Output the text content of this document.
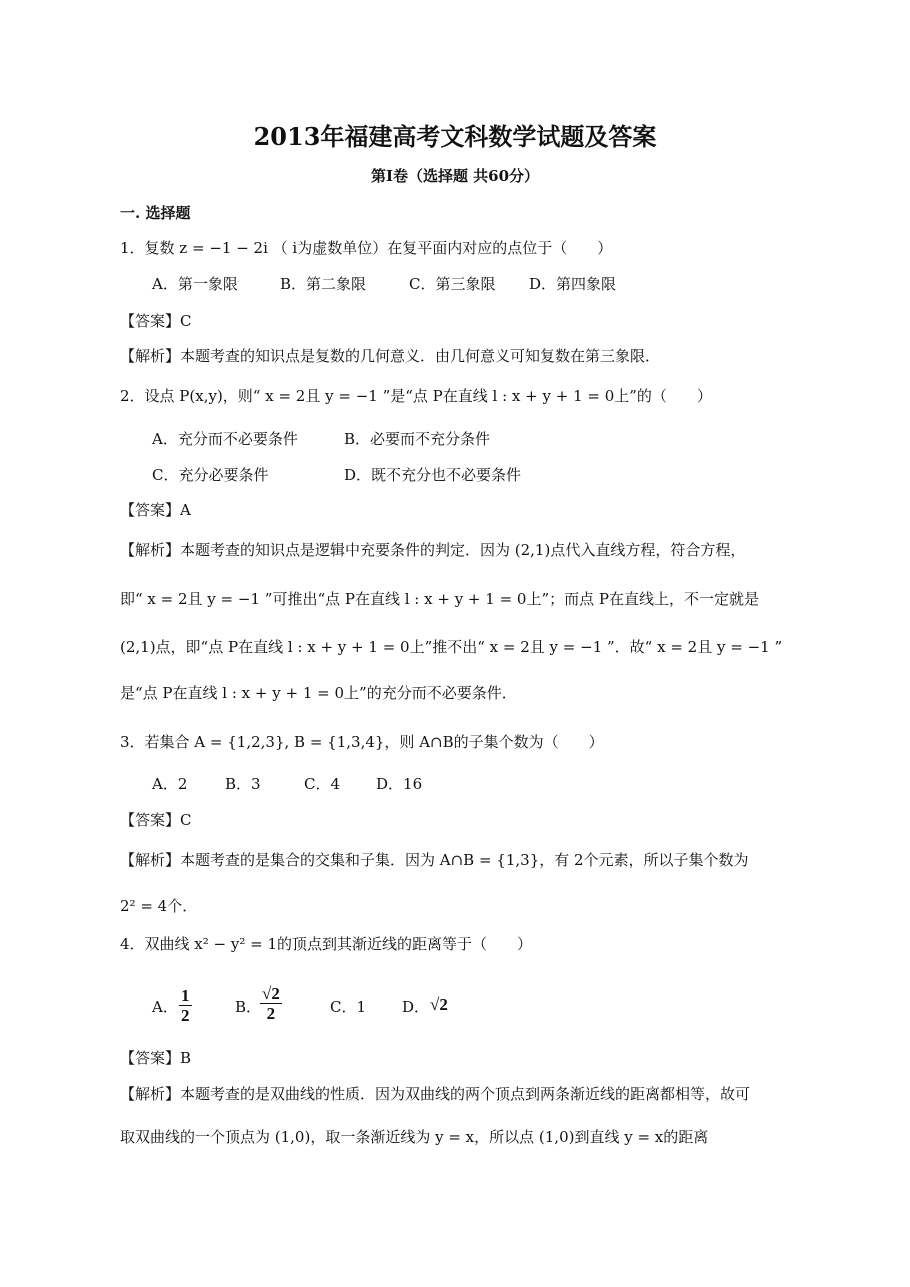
2013年福建高考文科数学试题及答案
第Ⅰ卷（选择题 共60分）
一. 选择题
1．复数 z = −1 − 2i （ i为虚数单位）在复平面内对应的点位于（　　）
A．第一象限	B．第二象限	C．第三象限 D．第四象限
【答案】C
【解析】本题考查的知识点是复数的几何意义．由几何意义可知复数在第三象限．
2．设点 P(x,y)，则“ x = 2且 y = −1 ”是“点 P在直线 l : x + y + 1 = 0上”的（　　）
A．充分而不必要条件	B．必要而不充分条件
C．充分必要条件	D．既不充分也不必要条件
【答案】A
【解析】本题考查的知识点是逻辑中充要条件的判定．因为 (2,1)点代入直线方程，符合方程，
即“ x = 2且 y = −1 ”可推出“点 P在直线 l : x + y + 1 = 0上”；而点 P在直线上，不一定就是
(2,1)点，即“点 P在直线 l : x + y + 1 = 0上”推不出“ x = 2且 y = −1 ”．故“ x = 2且 y = −1 ”
是“点 P在直线 l : x + y + 1 = 0上”的充分而不必要条件．
3．若集合 A = {1,2,3}, B = {1,3,4}，则 A∩B的子集个数为（　　）
A．2	B．3	C．4 D．16
【答案】C
【解析】本题考查的是集合的交集和子集．因为 A∩B = {1,3}，有 2个元素，所以子集个数为
2² = 4个．
4．双曲线 x² − y² = 1的顶点到其渐近线的距离等于（　　）
A． $\frac{1}{2}$	B．
$\frac{√2}{2}$	C．1 D． √2
【答案】B
【解析】本题考查的是双曲线的性质．因为双曲线的两个顶点到两条渐近线的距离都相等，故可
取双曲线的一个顶点为 (1,0)，取一条渐近线为 y = x，所以点 (1,0)到直线 y = x的距离
